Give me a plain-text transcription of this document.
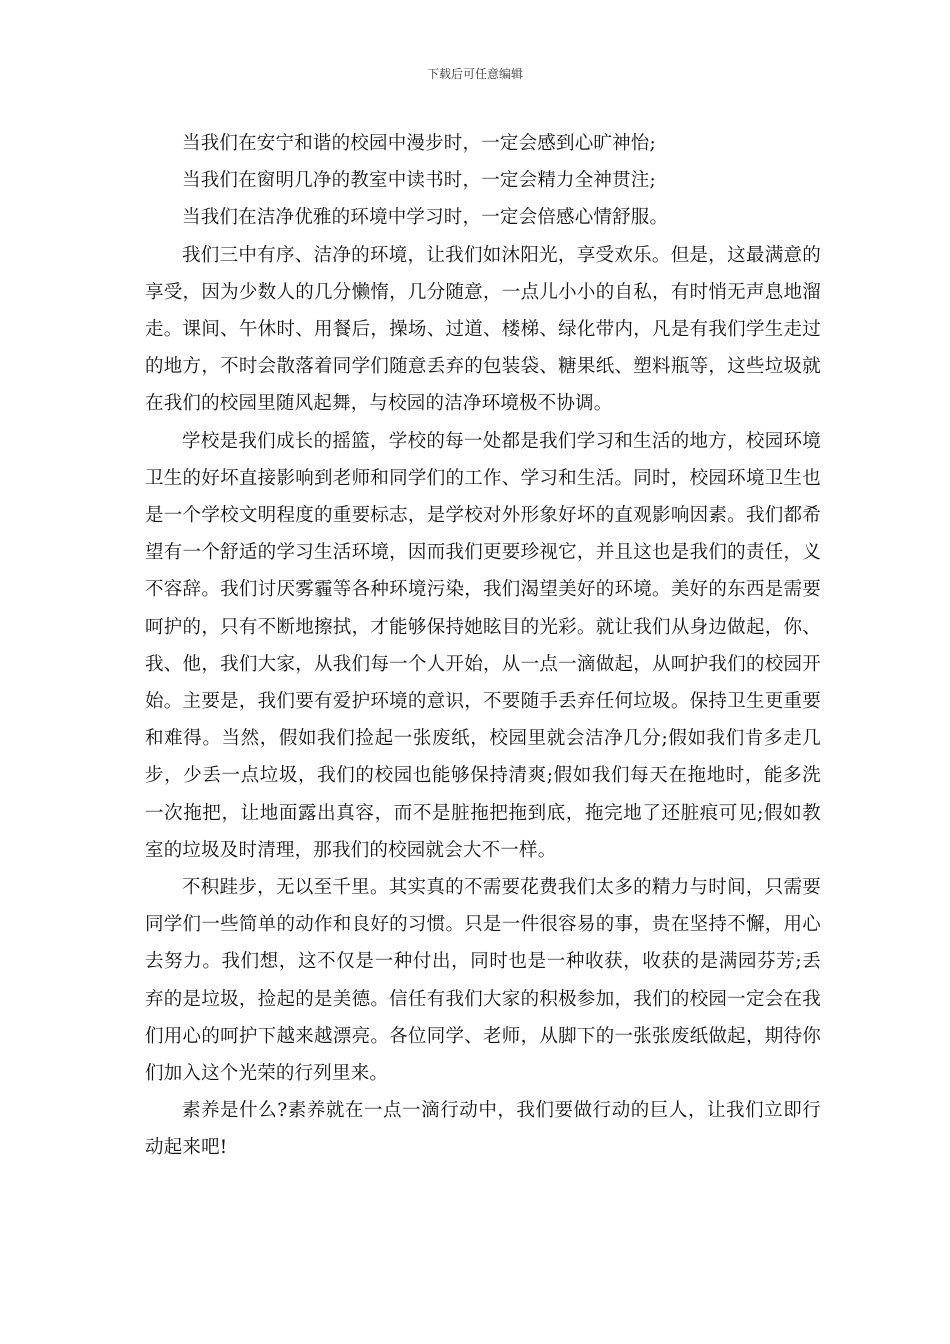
下载后可任意编辑

当我们在安宁和谐的校园中漫步时，一定会感到心旷神怡;

当我们在窗明几净的教室中读书时，一定会精力全神贯注;

当我们在洁净优雅的环境中学习时，一定会倍感心情舒服。

我们三中有序、洁净的环境，让我们如沐阳光，享受欢乐。但是，这最满意的享受，因为少数人的几分懒惰，几分随意，一点儿小小的自私，有时悄无声息地溜走。课间、午休时、用餐后，操场、过道、楼梯、绿化带内，凡是有我们学生走过的地方，不时会散落着同学们随意丢弃的包装袋、糖果纸、塑料瓶等，这些垃圾就在我们的校园里随风起舞，与校园的洁净环境极不协调。

学校是我们成长的摇篮，学校的每一处都是我们学习和生活的地方，校园环境卫生的好坏直接影响到老师和同学们的工作、学习和生活。同时，校园环境卫生也是一个学校文明程度的重要标志，是学校对外形象好坏的直观影响因素。我们都希望有一个舒适的学习生活环境，因而我们更要珍视它，并且这也是我们的责任，义不容辞。我们讨厌雾霾等各种环境污染，我们渴望美好的环境。美好的东西是需要呵护的，只有不断地擦拭，才能够保持她眩目的光彩。就让我们从身边做起，你、我、他，我们大家，从我们每一个人开始，从一点一滴做起，从呵护我们的校园开始。主要是，我们要有爱护环境的意识，不要随手丢弃任何垃圾。保持卫生更重要和难得。当然，假如我们捡起一张废纸，校园里就会洁净几分;假如我们肯多走几步，少丢一点垃圾，我们的校园也能够保持清爽;假如我们每天在拖地时，能多洗一次拖把，让地面露出真容，而不是脏拖把拖到底，拖完地了还脏痕可见;假如教室的垃圾及时清理，那我们的校园就会大不一样。

不积跬步，无以至千里。其实真的不需要花费我们太多的精力与时间，只需要同学们一些简单的动作和良好的习惯。只是一件很容易的事，贵在坚持不懈，用心去努力。我们想，这不仅是一种付出，同时也是一种收获，收获的是满园芬芳;丢弃的是垃圾，捡起的是美德。信任有我们大家的积极参加，我们的校园一定会在我们用心的呵护下越来越漂亮。各位同学、老师，从脚下的一张张废纸做起，期待你们加入这个光荣的行列里来。

素养是什么?素养就在一点一滴行动中，我们要做行动的巨人，让我们立即行动起来吧!
